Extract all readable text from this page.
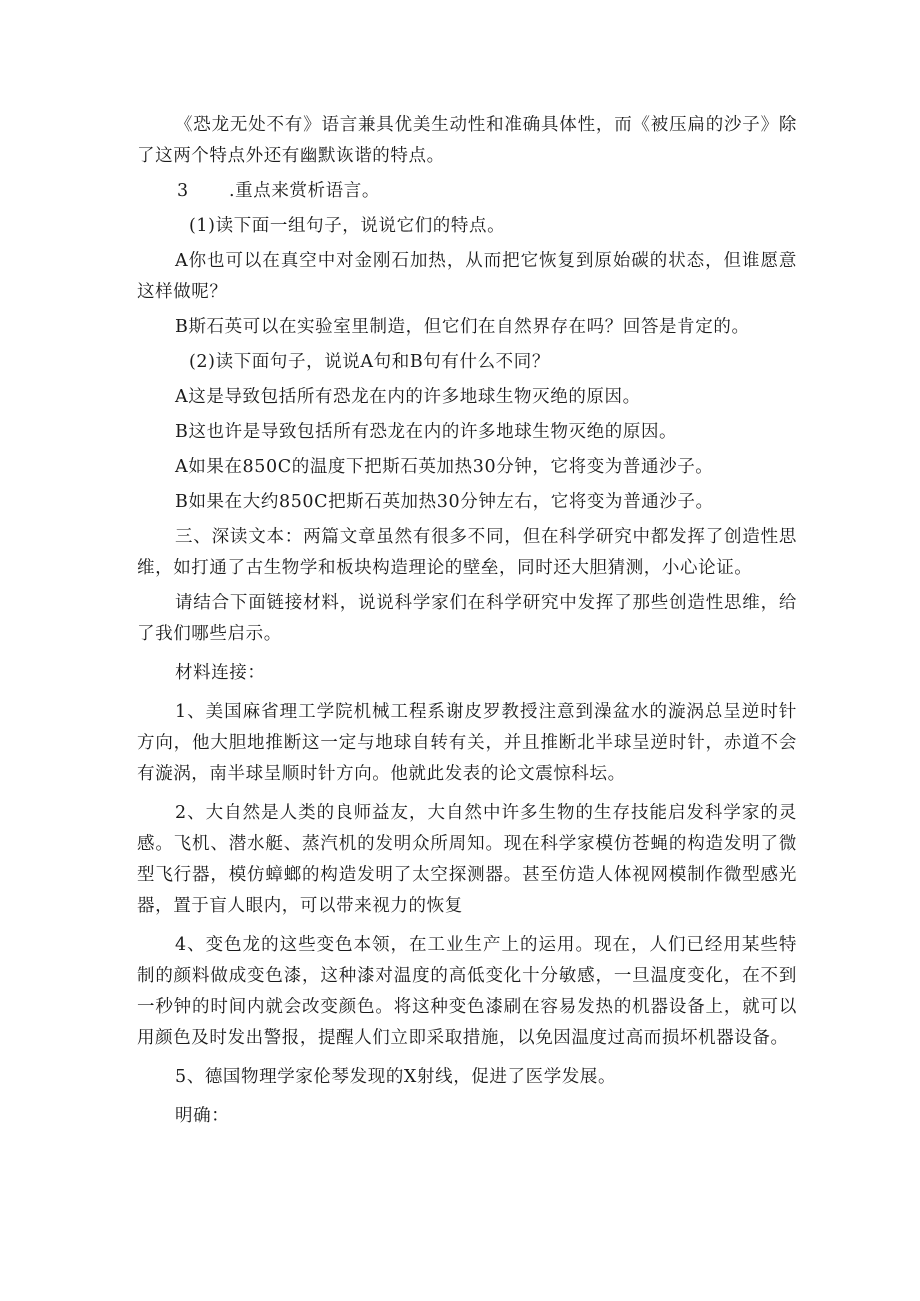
《恐龙无处不有》语言兼具优美生动性和准确具体性，而《被压扁的沙子》除了这两个特点外还有幽默诙谐的特点。

3	.重点来赏析语言。

(1)读下面一组句子，说说它们的特点。

A你也可以在真空中对金刚石加热，从而把它恢复到原始碳的状态，但谁愿意这样做呢？

B斯石英可以在实验室里制造，但它们在自然界存在吗？回答是肯定的。

(2)读下面句子，说说A句和B句有什么不同？

A这是导致包括所有恐龙在内的许多地球生物灭绝的原因。

B这也许是导致包括所有恐龙在内的许多地球生物灭绝的原因。

A如果在850C的温度下把斯石英加热30分钟，它将变为普通沙子。

B如果在大约850C把斯石英加热30分钟左右，它将变为普通沙子。

三、深读文本：两篇文章虽然有很多不同，但在科学研究中都发挥了创造性思维，如打通了古生物学和板块构造理论的壁垒，同时还大胆猜测，小心论证。

请结合下面链接材料，说说科学家们在科学研究中发挥了那些创造性思维，给了我们哪些启示。

材料连接：

1、美国麻省理工学院机械工程系谢皮罗教授注意到澡盆水的漩涡总呈逆时针方向，他大胆地推断这一定与地球自转有关，并且推断北半球呈逆时针，赤道不会有漩涡，南半球呈顺时针方向。他就此发表的论文震惊科坛。

2、大自然是人类的良师益友，大自然中许多生物的生存技能启发科学家的灵感。飞机、潜水艇、蒸汽机的发明众所周知。现在科学家模仿苍蝇的构造发明了微型飞行器，模仿蟑螂的构造发明了太空探测器。甚至仿造人体视网模制作微型感光器，置于盲人眼内，可以带来视力的恢复

4、变色龙的这些变色本领，在工业生产上的运用。现在，人们已经用某些特制的颜料做成变色漆，这种漆对温度的高低变化十分敏感，一旦温度变化，在不到一秒钟的时间内就会改变颜色。将这种变色漆刷在容易发热的机器设备上，就可以用颜色及时发出警报，提醒人们立即采取措施，以免因温度过高而损坏机器设备。

5、德国物理学家伦琴发现的X射线，促进了医学发展。

明确：
